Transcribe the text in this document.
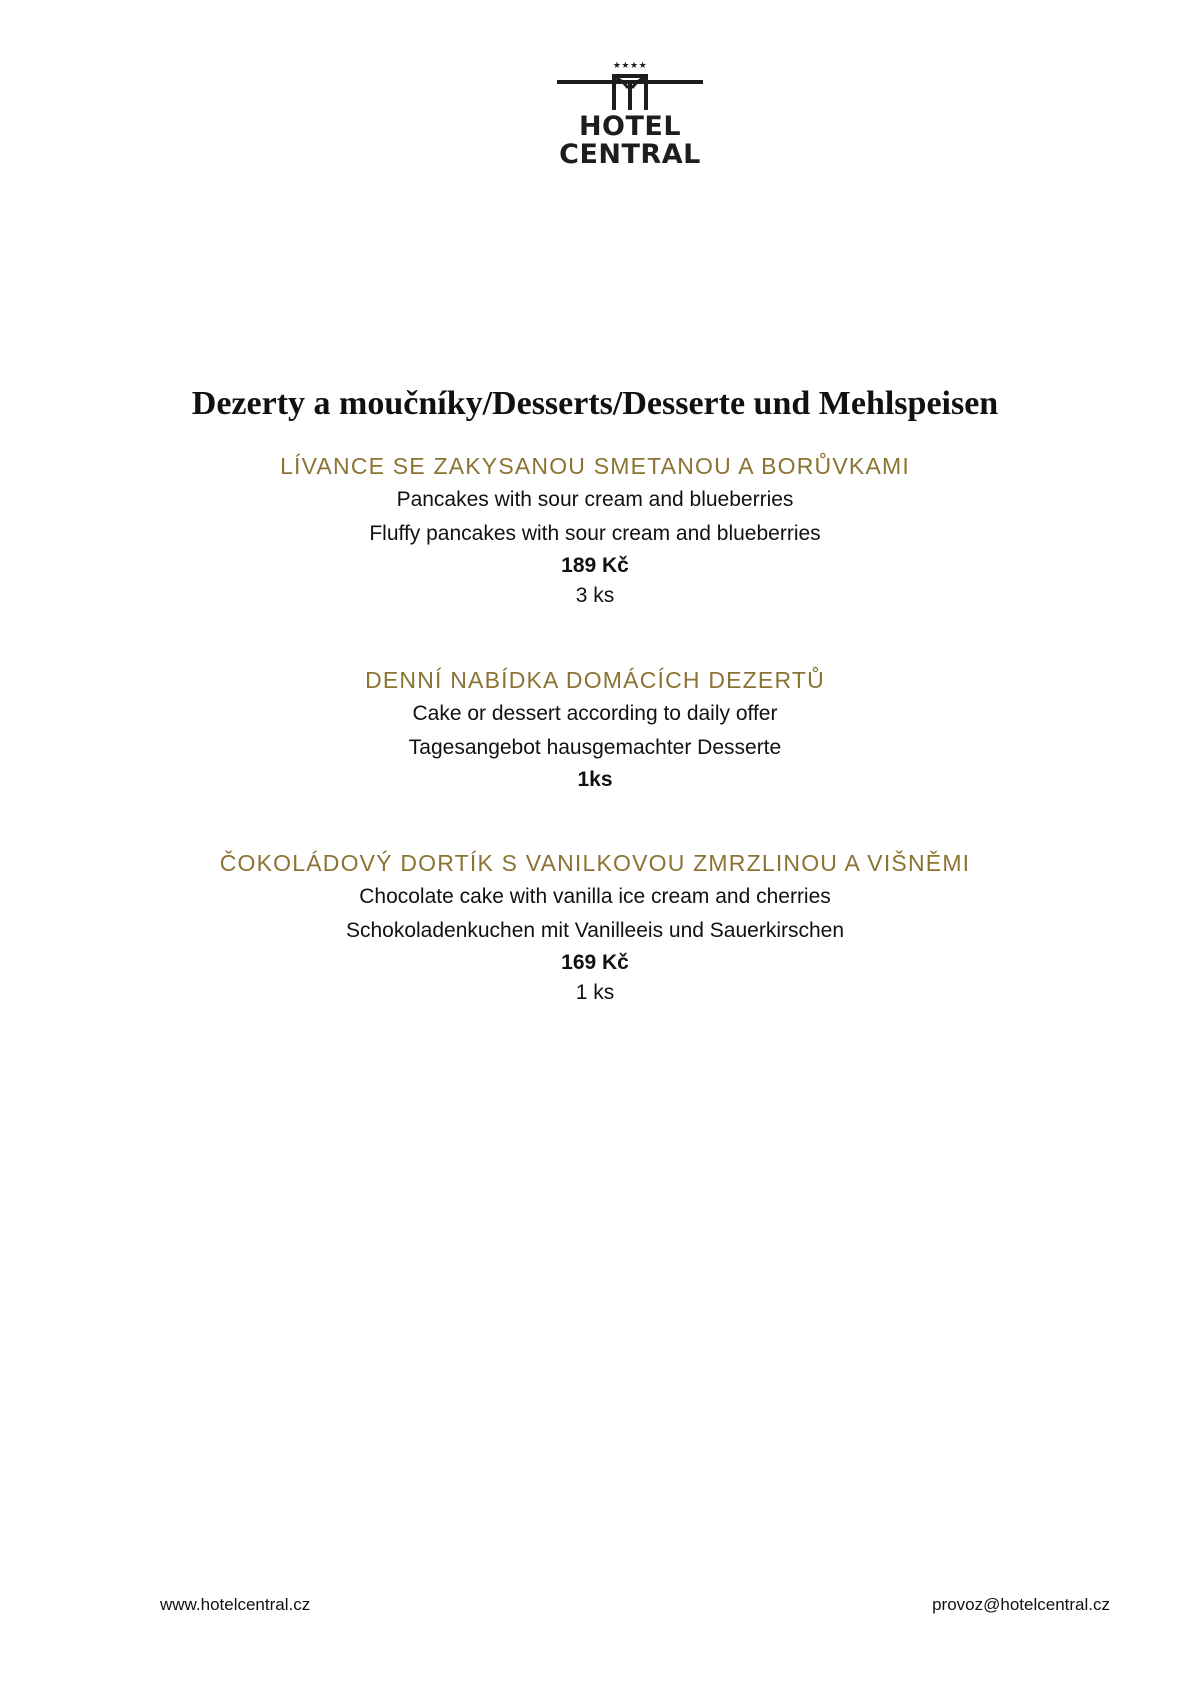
★★★★
HOTEL
CENTRAL
Dezerty a moučníky/Desserts/Desserte und Mehlspeisen

LÍVANCE SE ZAKYSANOU SMETANOU A BORŮVKAMI

Pancakes with sour cream and blueberries

Fluffy pancakes with sour cream and blueberries

189 Kč

3 ks

DENNÍ NABÍDKA DOMÁCÍCH DEZERTŮ

Cake or dessert according to daily offer

Tagesangebot hausgemachter Desserte

1ks

ČOKOLÁDOVÝ DORTÍK S VANILKOVOU ZMRZLINOU A VIŠNĚMI

Chocolate cake with vanilla ice cream and cherries

Schokoladenkuchen mit Vanilleeis und Sauerkirschen

169 Kč

1 ks

www.hotelcentral.cz	provoz@hotelcentral.cz
